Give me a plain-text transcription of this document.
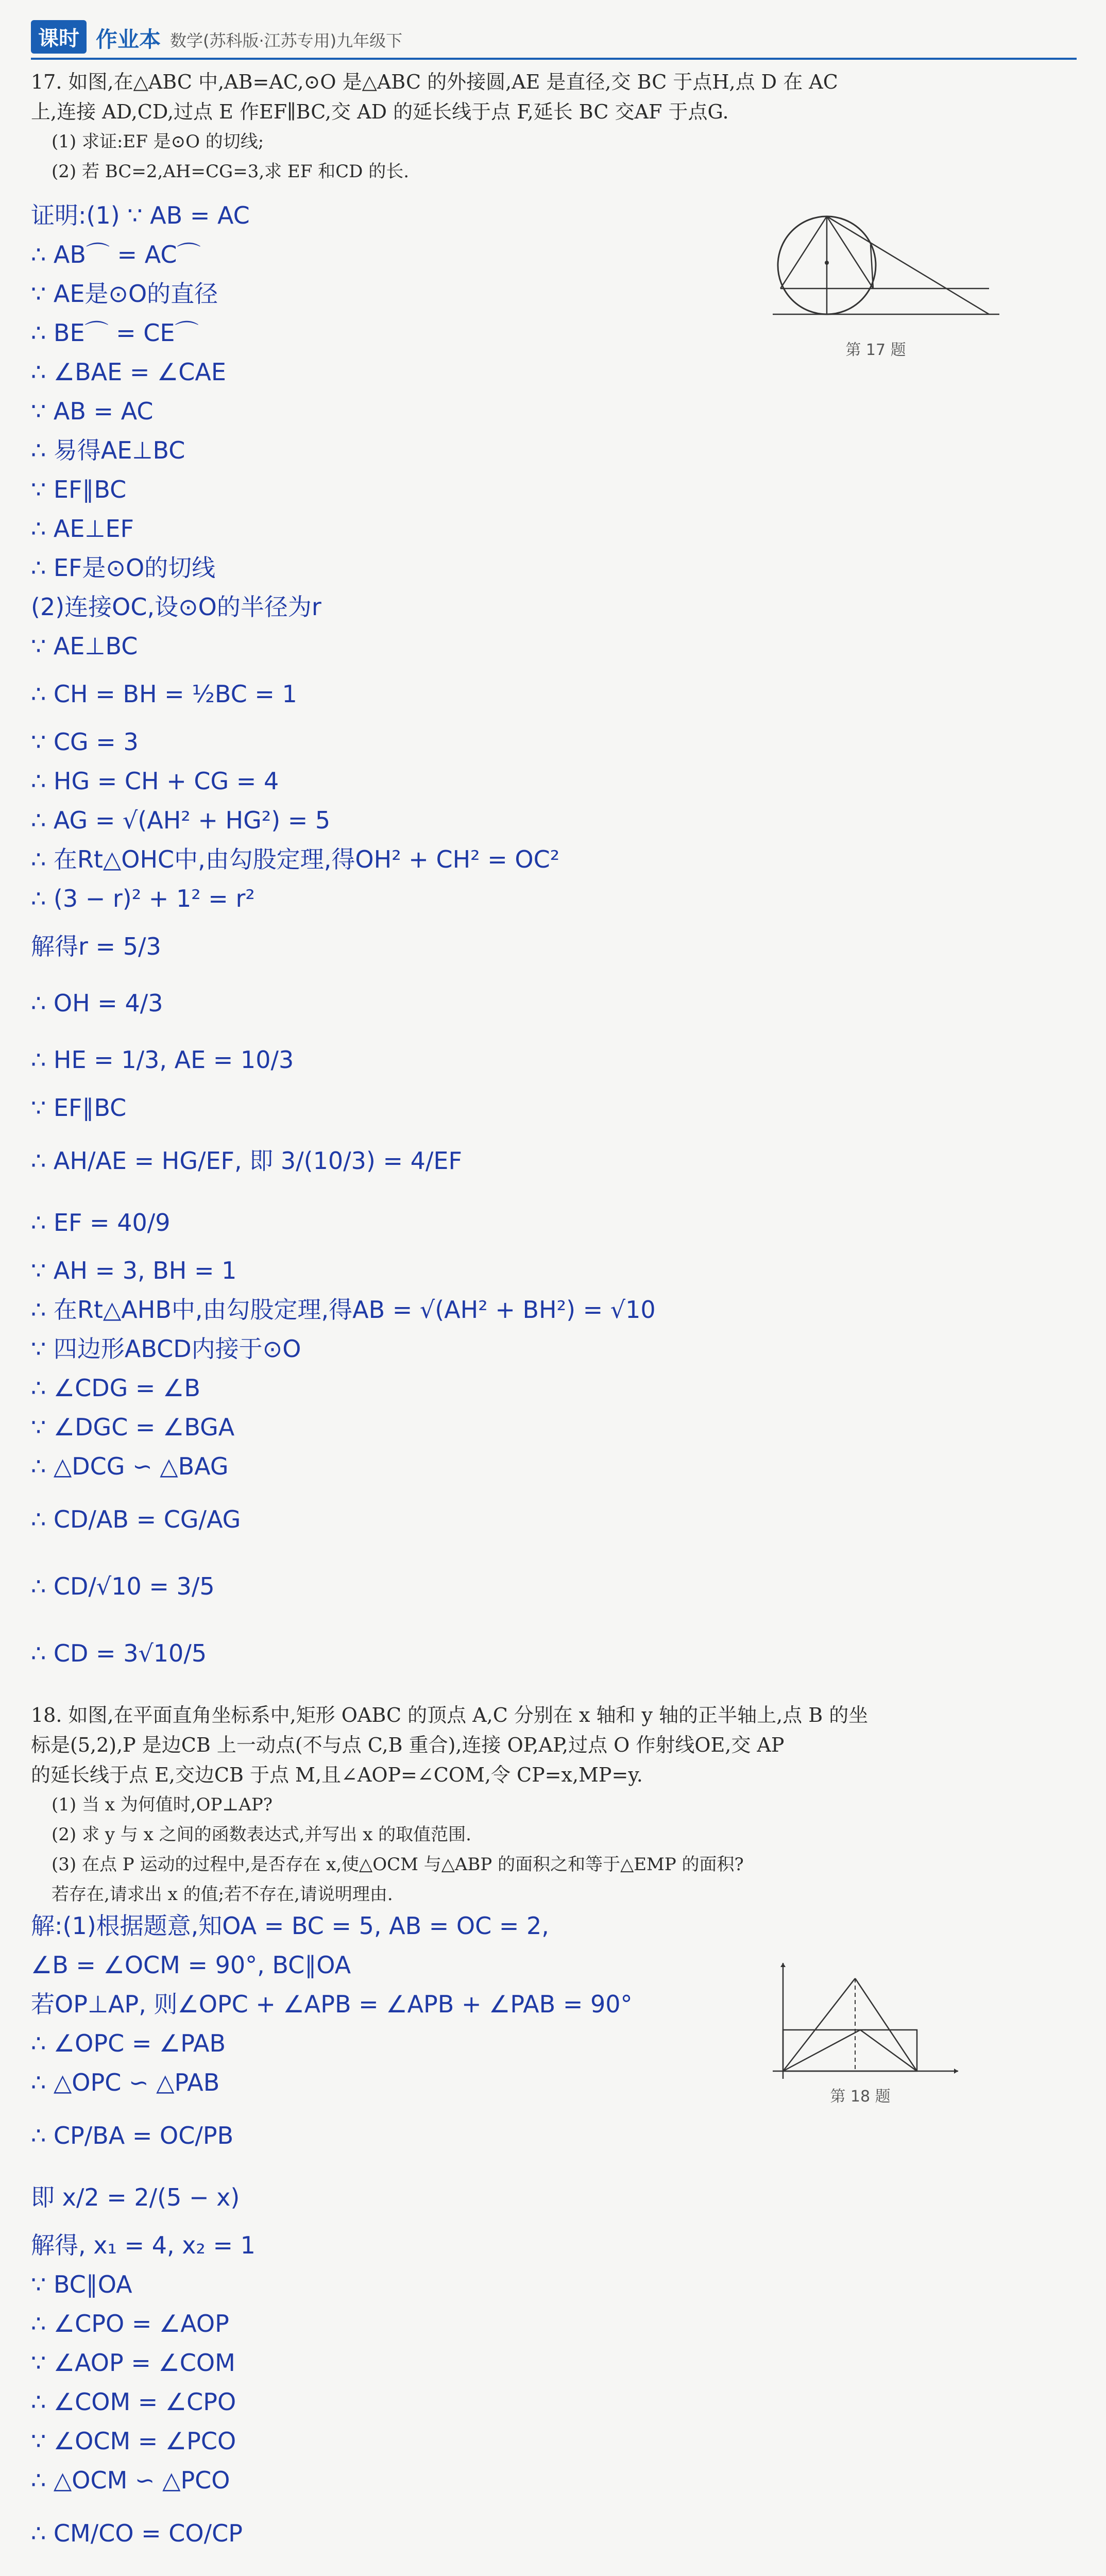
课时 作业本 数学(苏科版·江苏专用)九年级下
17. 如图,在△ABC 中,AB=AC,⊙O 是△ABC 的外接圆,AE 是直径,交 BC 于点H,点 D 在 AC
上,连接 AD,CD,过点 E 作EF∥BC,交 AD 的延长线于点 F,延长 BC 交AF 于点G.
(1) 求证:EF 是⊙O 的切线;
(2) 若 BC=2,AH=CG=3,求 EF 和CD 的长.
第 17 题
证明:(1) ∵ AB = AC
∴ AB⌒ = AC⌒
∵ AE是⊙O的直径
∴ BE⌒ = CE⌒
∴ ∠BAE = ∠CAE
∵ AB = AC
∴ 易得AE⊥BC
∵ EF∥BC
∴ AE⊥EF
∴ EF是⊙O的切线
(2)连接OC,设⊙O的半径为r
∵ AE⊥BC
∴ CH = BH = ½BC = 1
∵ CG = 3
∴ HG = CH + CG = 4
∴ AG = √(AH² + HG²) = 5
∴ 在Rt△OHC中,由勾股定理,得OH² + CH² = OC²
∴ (3 − r)² + 1² = r²
解得r = 5/3
∴ OH = 4/3
∴ HE = 1/3, AE = 10/3
∵ EF∥BC
∴ AH/AE = HG/EF, 即 3/(10/3) = 4/EF
∴ EF = 40/9
∵ AH = 3, BH = 1
∴ 在Rt△AHB中,由勾股定理,得AB = √(AH² + BH²) = √10
∵ 四边形ABCD内接于⊙O
∴ ∠CDG = ∠B
∵ ∠DGC = ∠BGA
∴ △DCG ∽ △BAG
∴ CD/AB = CG/AG
∴ CD/√10 = 3/5
∴ CD = 3√10/5
18. 如图,在平面直角坐标系中,矩形 OABC 的顶点 A,C 分别在 x 轴和 y 轴的正半轴上,点 B 的坐
标是(5,2),P 是边CB 上一动点(不与点 C,B 重合),连接 OP,AP,过点 O 作射线OE,交 AP
的延长线于点 E,交边CB 于点 M,且∠AOP=∠COM,令 CP=x,MP=y.
(1) 当 x 为何值时,OP⊥AP?
(2) 求 y 与 x 之间的函数表达式,并写出 x 的取值范围.
(3) 在点 P 运动的过程中,是否存在 x,使△OCM 与△ABP 的面积之和等于△EMP 的面积?
若存在,请求出 x 的值;若不存在,请说明理由.
第 18 题
解:(1)根据题意,知OA = BC = 5, AB = OC = 2,
∠B = ∠OCM = 90°, BC∥OA
若OP⊥AP, 则∠OPC + ∠APB = ∠APB + ∠PAB = 90°
∴ ∠OPC = ∠PAB
∴ △OPC ∽ △PAB
∴ CP/BA = OC/PB
即 x/2 = 2/(5 − x)
解得, x₁ = 4, x₂ = 1
∵ BC∥OA
∴ ∠CPO = ∠AOP
∵ ∠AOP = ∠COM
∴ ∠COM = ∠CPO
∵ ∠OCM = ∠PCO
∴ △OCM ∽ △PCO
∴ CM/CO = CO/CP
